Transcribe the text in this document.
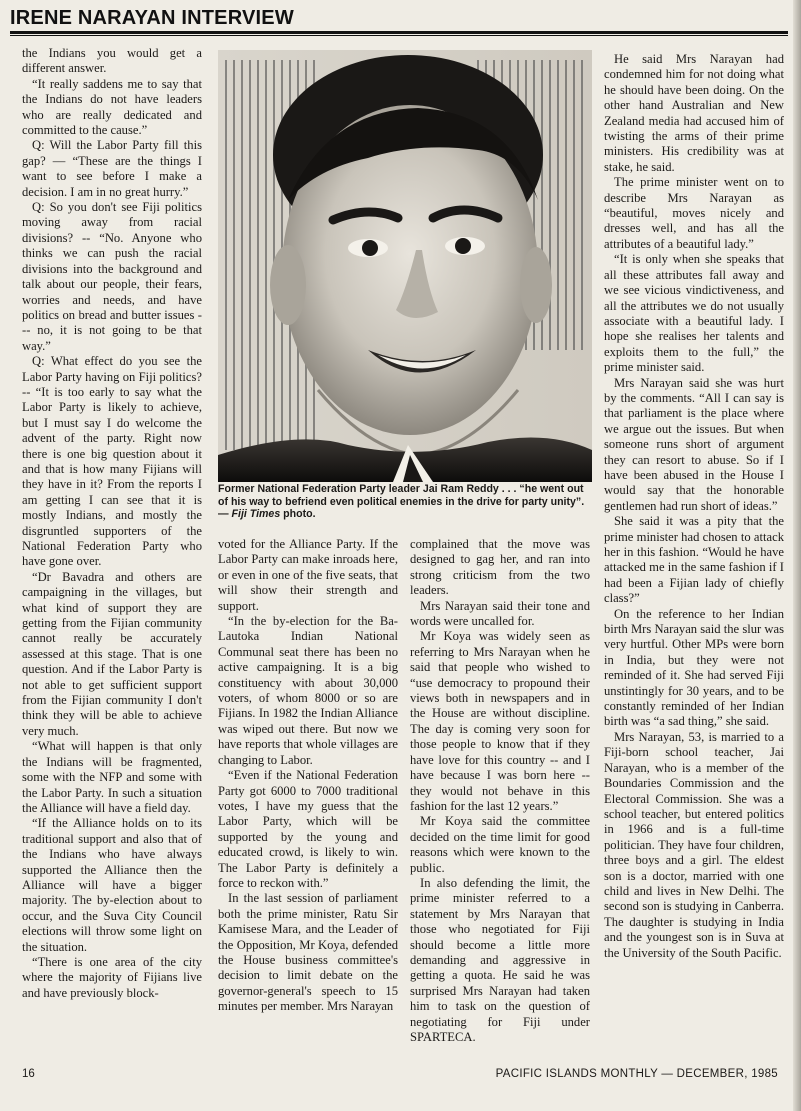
IRENE NARAYAN INTERVIEW

the Indians you would get a different answer.

“It really saddens me to say that the Indians do not have leaders who are really dedicated and committed to the cause.”

Q: Will the Labor Party fill this gap? — “These are the things I want to see before I make a decision. I am in no great hurry.”

Q: So you don't see Fiji politics moving away from racial divisions? -- “No. Anyone who thinks we can push the racial divisions into the background and talk about our people, their fears, worries and needs, and have politics on bread and butter issues --- no, it is not going to be that way.”

Q: What effect do you see the Labor Party having on Fiji politics? -- “It is too early to say what the Labor Party is likely to achieve, but I must say I do welcome the advent of the party. Right now there is one big question about it and that is how many Fijians will they have in it? From the reports I am getting I can see that it is mostly Indians, and mostly the disgruntled supporters of the National Federation Party who have gone over.

“Dr Bavadra and others are campaigning in the villages, but what kind of support they are getting from the Fijian community cannot really be accurately assessed at this stage. That is one question. And if the Labor Party is not able to get sufficient support from the Fijian community I don't think they will be able to achieve very much.

“What will happen is that only the Indians will be fragmented, some with the NFP and some with the Labor Party. In such a situation the Alliance will have a field day.

“If the Alliance holds on to its traditional support and also that of the Indians who have always supported the Alliance then the Alliance will have a bigger majority. The by-election about to occur, and the Suva City Council elections will throw some light on the situation.

“There is one area of the city where the majority of Fijians live and have previously block-

Former National Federation Party leader Jai Ram Reddy . . . “he went out of his way to befriend even political enemies in the drive for party unity”. — Fiji Times photo.

voted for the Alliance Party. If the Labor Party can make inroads here, or even in one of the five seats, that will show their strength and support.

“In the by-election for the Ba-Lautoka Indian National Communal seat there has been no active campaigning. It is a big constituency with about 30,000 voters, of whom 8000 or so are Fijians. In 1982 the Indian Alliance was wiped out there. But now we have reports that whole villages are changing to Labor.

“Even if the National Federation Party got 6000 to 7000 traditional votes, I have my guess that the Labor Party, which will be supported by the young and educated crowd, is likely to win. The Labor Party is definitely a force to reckon with.”

In the last session of parliament both the prime minister, Ratu Sir Kamisese Mara, and the Leader of the Opposition, Mr Koya, defended the House business committee's decision to limit debate on the governor-general's speech to 15 minutes per member. Mrs Narayan

complained that the move was designed to gag her, and ran into strong criticism from the two leaders.

Mrs Narayan said their tone and words were uncalled for.

Mr Koya was widely seen as referring to Mrs Narayan when he said that people who wished to “use democracy to propound their views both in newspapers and in the House are without discipline. The day is coming very soon for those people to know that if they have love for this country -- and I have because I was born here -- they would not behave in this fashion for the last 12 years.”

Mr Koya said the committee decided on the time limit for good reasons which were known to the public.

In also defending the limit, the prime minister referred to a statement by Mrs Narayan that those who negotiated for Fiji should become a little more demanding and aggressive in getting a quota. He said he was surprised Mrs Narayan had taken him to task on the question of negotiating for Fiji under SPARTECA.

He said Mrs Narayan had condemned him for not doing what he should have been doing. On the other hand Australian and New Zealand media had accused him of twisting the arms of their prime ministers. His credibility was at stake, he said.

The prime minister went on to describe Mrs Narayan as “beautiful, moves nicely and dresses well, and has all the attributes of a beautiful lady.”

“It is only when she speaks that all these attributes fall away and we see vicious vindictiveness, and all the attributes we do not usually associate with a beautiful lady. I hope she realises her talents and exploits them to the full,” the prime minister said.

Mrs Narayan said she was hurt by the comments. “All I can say is that parliament is the place where we argue out the issues. But when someone runs short of argument they can resort to abuse. So if I have been abused in the House I would say that the honorable gentlemen had run short of ideas.”

She said it was a pity that the prime minister had chosen to attack her in this fashion. “Would he have attacked me in the same fashion if I had been a Fijian lady of chiefly class?”

On the reference to her Indian birth Mrs Narayan said the slur was very hurtful. Other MPs were born in India, but they were not reminded of it. She had served Fiji unstintingly for 30 years, and to be constantly reminded of her Indian birth was “a sad thing,” she said.

Mrs Narayan, 53, is married to a Fiji-born school teacher, Jai Narayan, who is a member of the Boundaries Commission and the Electoral Commission. She was a school teacher, but entered politics in 1966 and is a full-time politician. They have four children, three boys and a girl. The eldest son is a doctor, married with one child and lives in New Delhi. The second son is studying in Canberra. The daughter is studying in India and the youngest son is in Suva at the University of the South Pacific.

16	PACIFIC ISLANDS MONTHLY — DECEMBER, 1985
